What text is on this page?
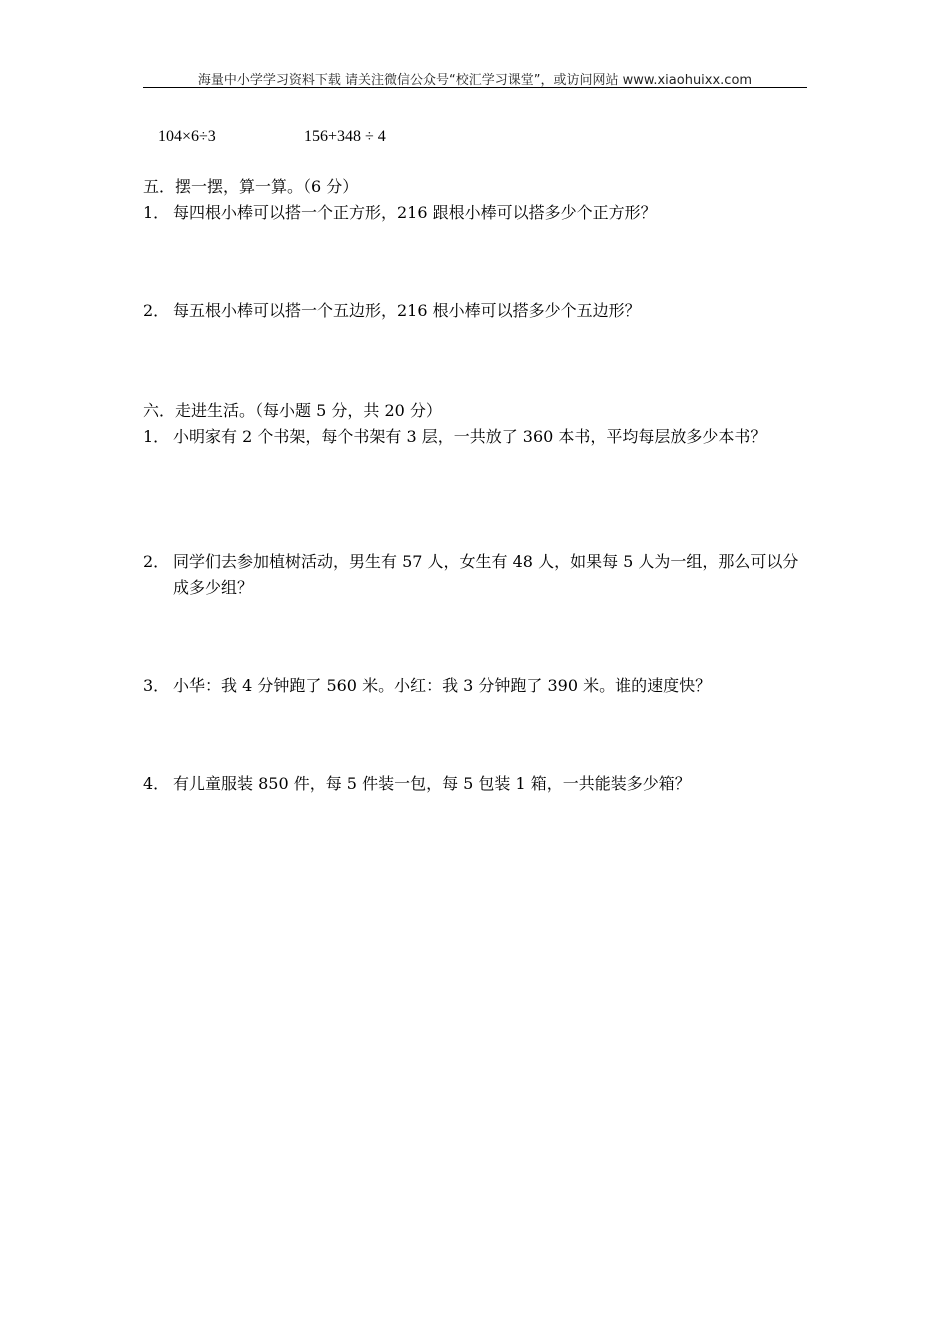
海量中小学学习资料下载 请关注微信公众号“校汇学习课堂”，或访问网站 www.xiaohuixx.com
104×6÷3	156+348 ÷ 4
五．摆一摆，算一算。（6 分）
1． 每四根小棒可以搭一个正方形，216 跟根小棒可以搭多少个正方形？
2． 每五根小棒可以搭一个五边形，216 根小棒可以搭多少个五边形？
六．走进生活。（每小题 5 分，共 20 分）
1． 小明家有 2 个书架，每个书架有 3 层，一共放了 360 本书，平均每层放多少本书？
2． 同学们去参加植树活动，男生有 57 人，女生有 48 人，如果每 5 人为一组，那么可以分成多少组？
3． 小华：我 4 分钟跑了 560 米。小红：我 3 分钟跑了 390 米。谁的速度快？
4． 有儿童服装 850 件，每 5 件装一包，每 5 包装 1 箱，一共能装多少箱？
